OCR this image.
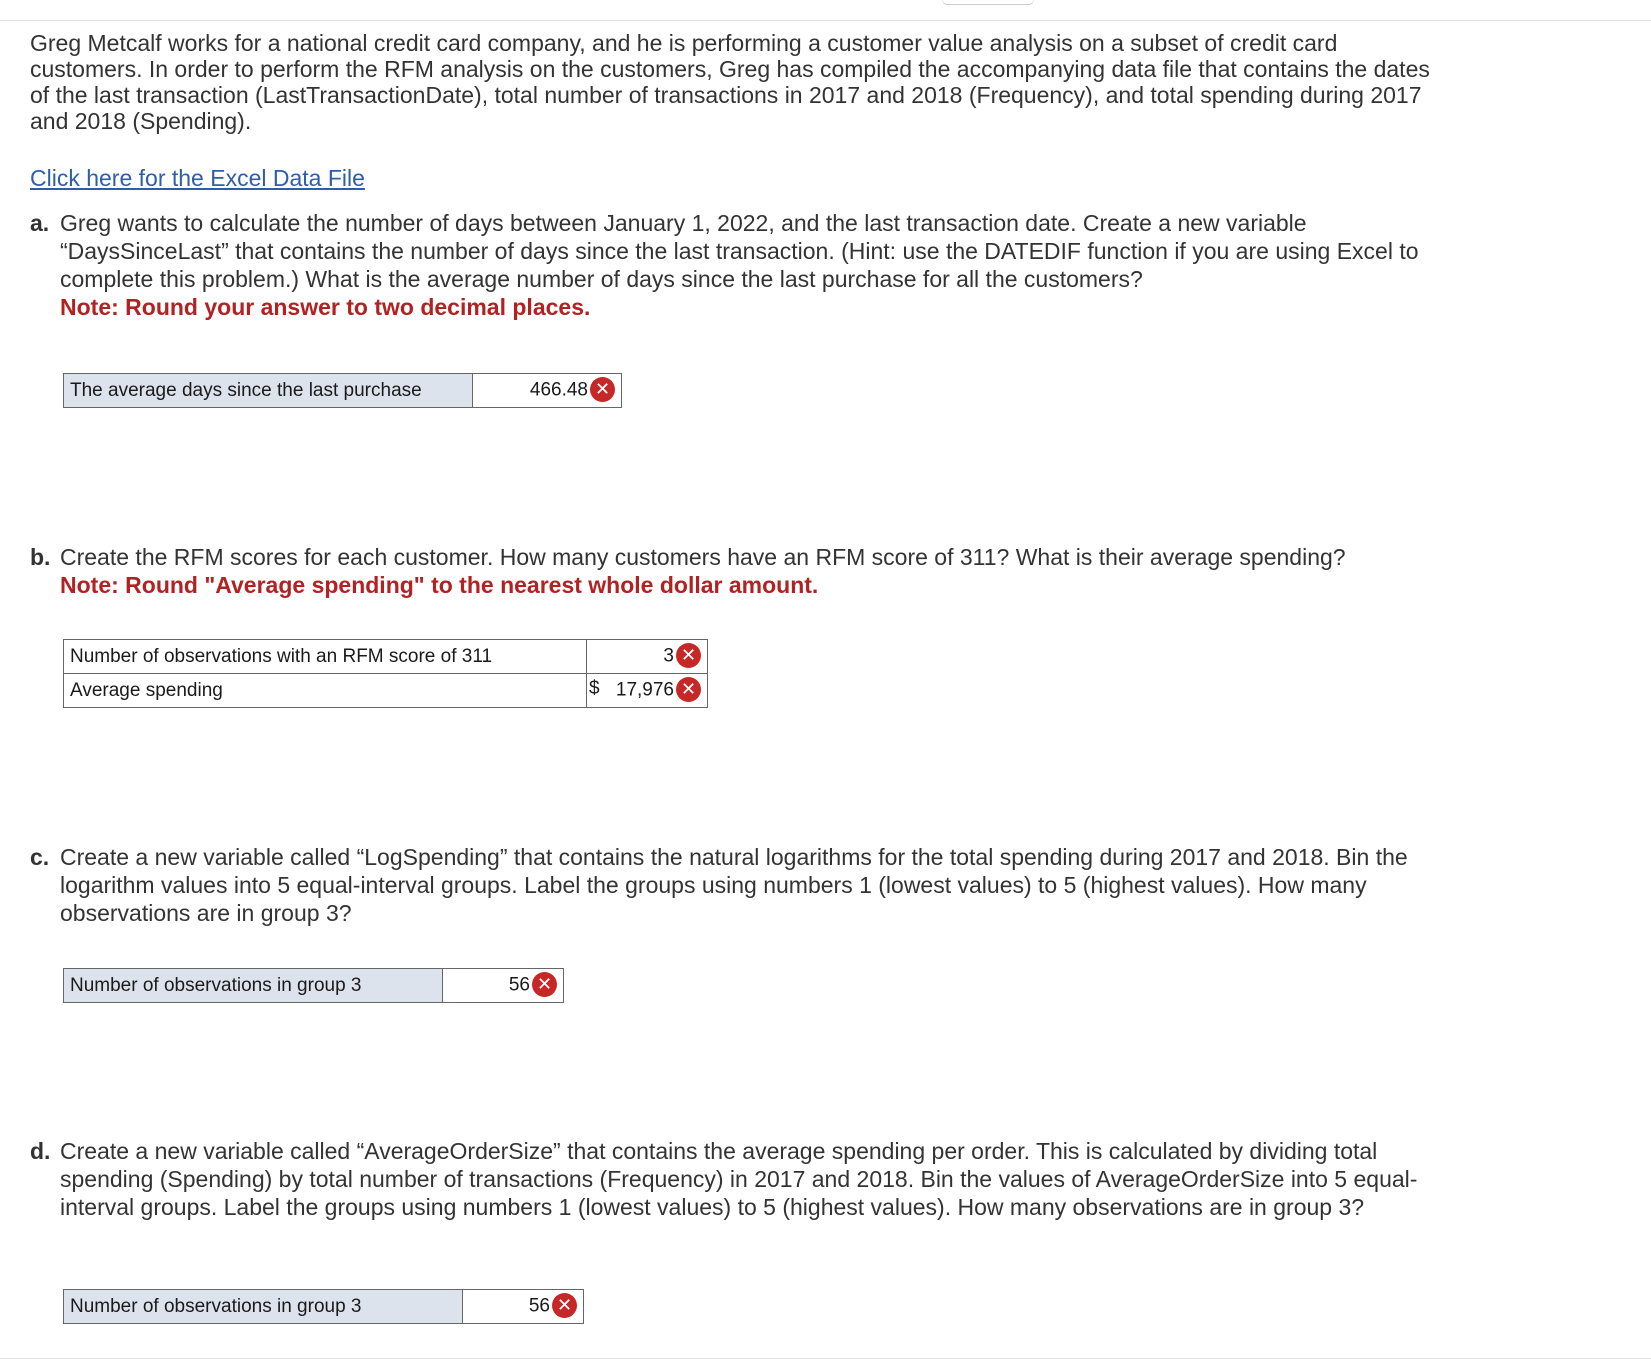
Greg Metcalf works for a national credit card company, and he is performing a customer value analysis on a subset of credit card customers. In order to perform the RFM analysis on the customers, Greg has compiled the accompanying data file that contains the dates of the last transaction (LastTransactionDate), total number of transactions in 2017 and 2018 (Frequency), and total spending during 2017 and 2018 (Spending).

Click here for the Excel Data File
a. Greg wants to calculate the number of days between January 1, 2022, and the last transaction date. Create a new variable “DaysSinceLast” that contains the number of days since the last transaction. (Hint: use the DATEDIF function if you are using Excel to complete this problem.) What is the average number of days since the last purchase for all the customers?
Note: Round your answer to two decimal places.
The average days since the last purchase	466.48 ✕
b. Create the RFM scores for each customer. How many customers have an RFM score of 311? What is their average spending?
Note: Round "Average spending" to the nearest whole dollar amount.
Number of observations with an RFM score of 311	3 ✕
Average spending	$ 17,976 ✕
c. Create a new variable called “LogSpending” that contains the natural logarithms for the total spending during 2017 and 2018. Bin the logarithm values into 5 equal-interval groups. Label the groups using numbers 1 (lowest values) to 5 (highest values). How many observations are in group 3?
Number of observations in group 3	56 ✕
d. Create a new variable called “AverageOrderSize” that contains the average spending per order. This is calculated by dividing total spending (Spending) by total number of transactions (Frequency) in 2017 and 2018. Bin the values of AverageOrderSize into 5 equal-interval groups. Label the groups using numbers 1 (lowest values) to 5 (highest values). How many observations are in group 3?
Number of observations in group 3	56 ✕
